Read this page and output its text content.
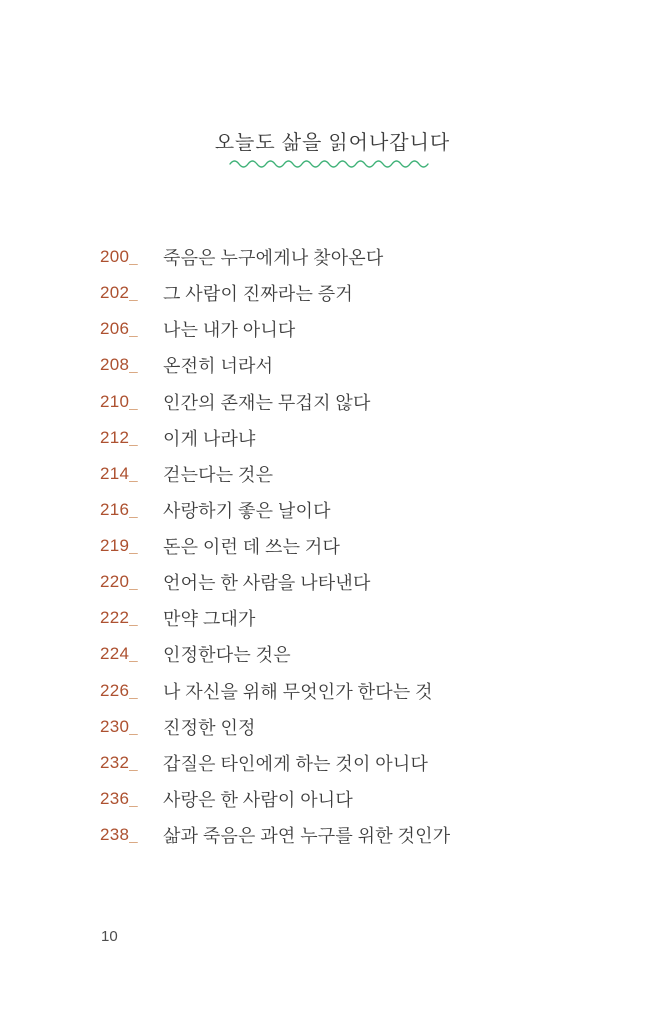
오늘도 삶을 읽어나갑니다
200_	죽음은 누구에게나 찾아온다
202_	그 사람이 진짜라는 증거
206_	나는 내가 아니다
208_	온전히 너라서
210_	인간의 존재는 무겁지 않다
212_	이게 나라냐
214_	걷는다는 것은
216_	사랑하기 좋은 날이다
219_	돈은 이런 데 쓰는 거다
220_	언어는 한 사람을 나타낸다
222_	만약 그대가
224_	인정한다는 것은
226_	나 자신을 위해 무엇인가 한다는 것
230_	진정한 인정
232_	갑질은 타인에게 하는 것이 아니다
236_	사랑은 한 사람이 아니다
238_	삶과 죽음은 과연 누구를 위한 것인가
10
